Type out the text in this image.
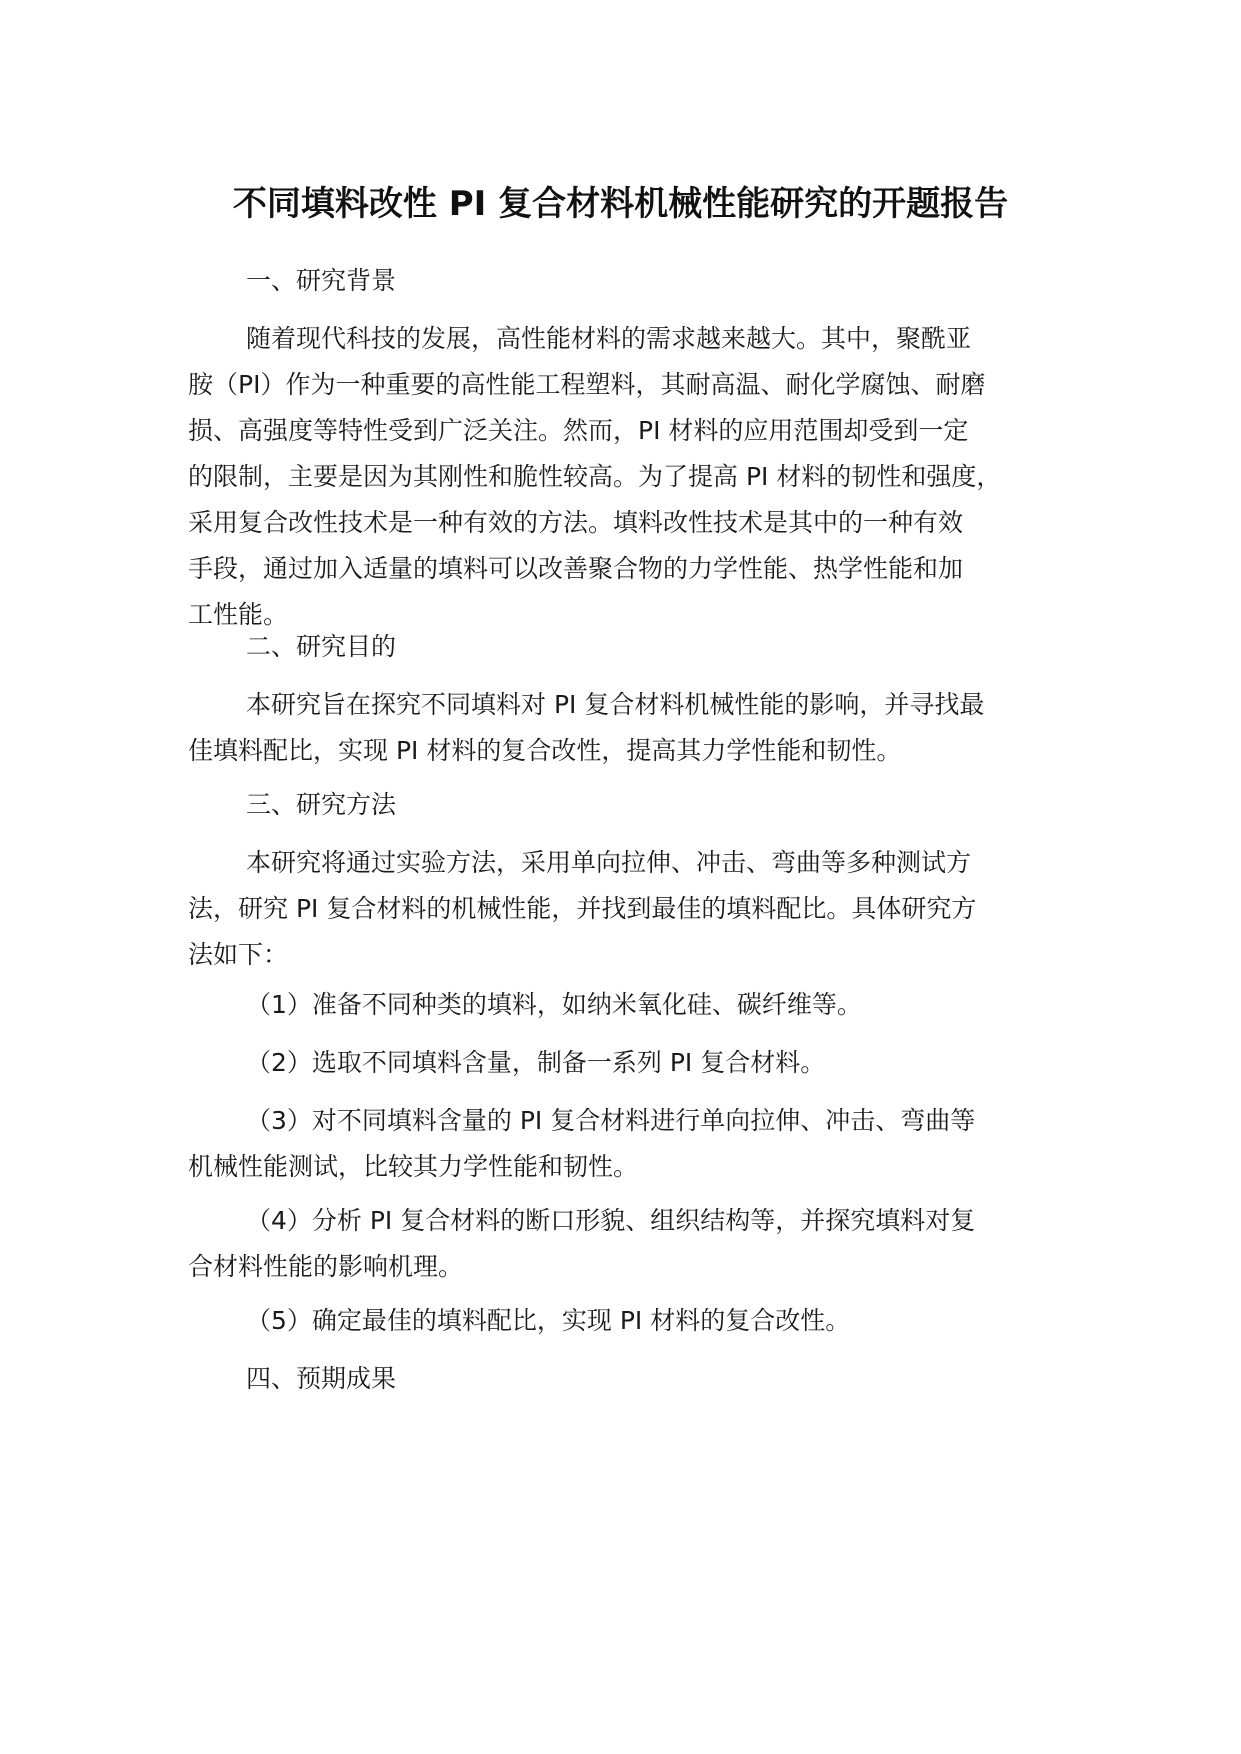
不同填料改性 PI 复合材料机械性能研究的开题报告
一、研究背景
随着现代科技的发展，高性能材料的需求越来越大。其中，聚酰亚
胺（PI）作为一种重要的高性能工程塑料，其耐高温、耐化学腐蚀、耐磨
损、高强度等特性受到广泛关注。然而，PI 材料的应用范围却受到一定
的限制，主要是因为其刚性和脆性较高。为了提高 PI 材料的韧性和强度，
采用复合改性技术是一种有效的方法。填料改性技术是其中的一种有效
手段，通过加入适量的填料可以改善聚合物的力学性能、热学性能和加
工性能。
二、研究目的
本研究旨在探究不同填料对 PI 复合材料机械性能的影响，并寻找最
佳填料配比，实现 PI 材料的复合改性，提高其力学性能和韧性。
三、研究方法
本研究将通过实验方法，采用单向拉伸、冲击、弯曲等多种测试方
法，研究 PI 复合材料的机械性能，并找到最佳的填料配比。具体研究方
法如下：
（1）准备不同种类的填料，如纳米氧化硅、碳纤维等。
（2）选取不同填料含量，制备一系列 PI 复合材料。
（3）对不同填料含量的 PI 复合材料进行单向拉伸、冲击、弯曲等
机械性能测试，比较其力学性能和韧性。
（4）分析 PI 复合材料的断口形貌、组织结构等，并探究填料对复
合材料性能的影响机理。
（5）确定最佳的填料配比，实现 PI 材料的复合改性。
四、预期成果
